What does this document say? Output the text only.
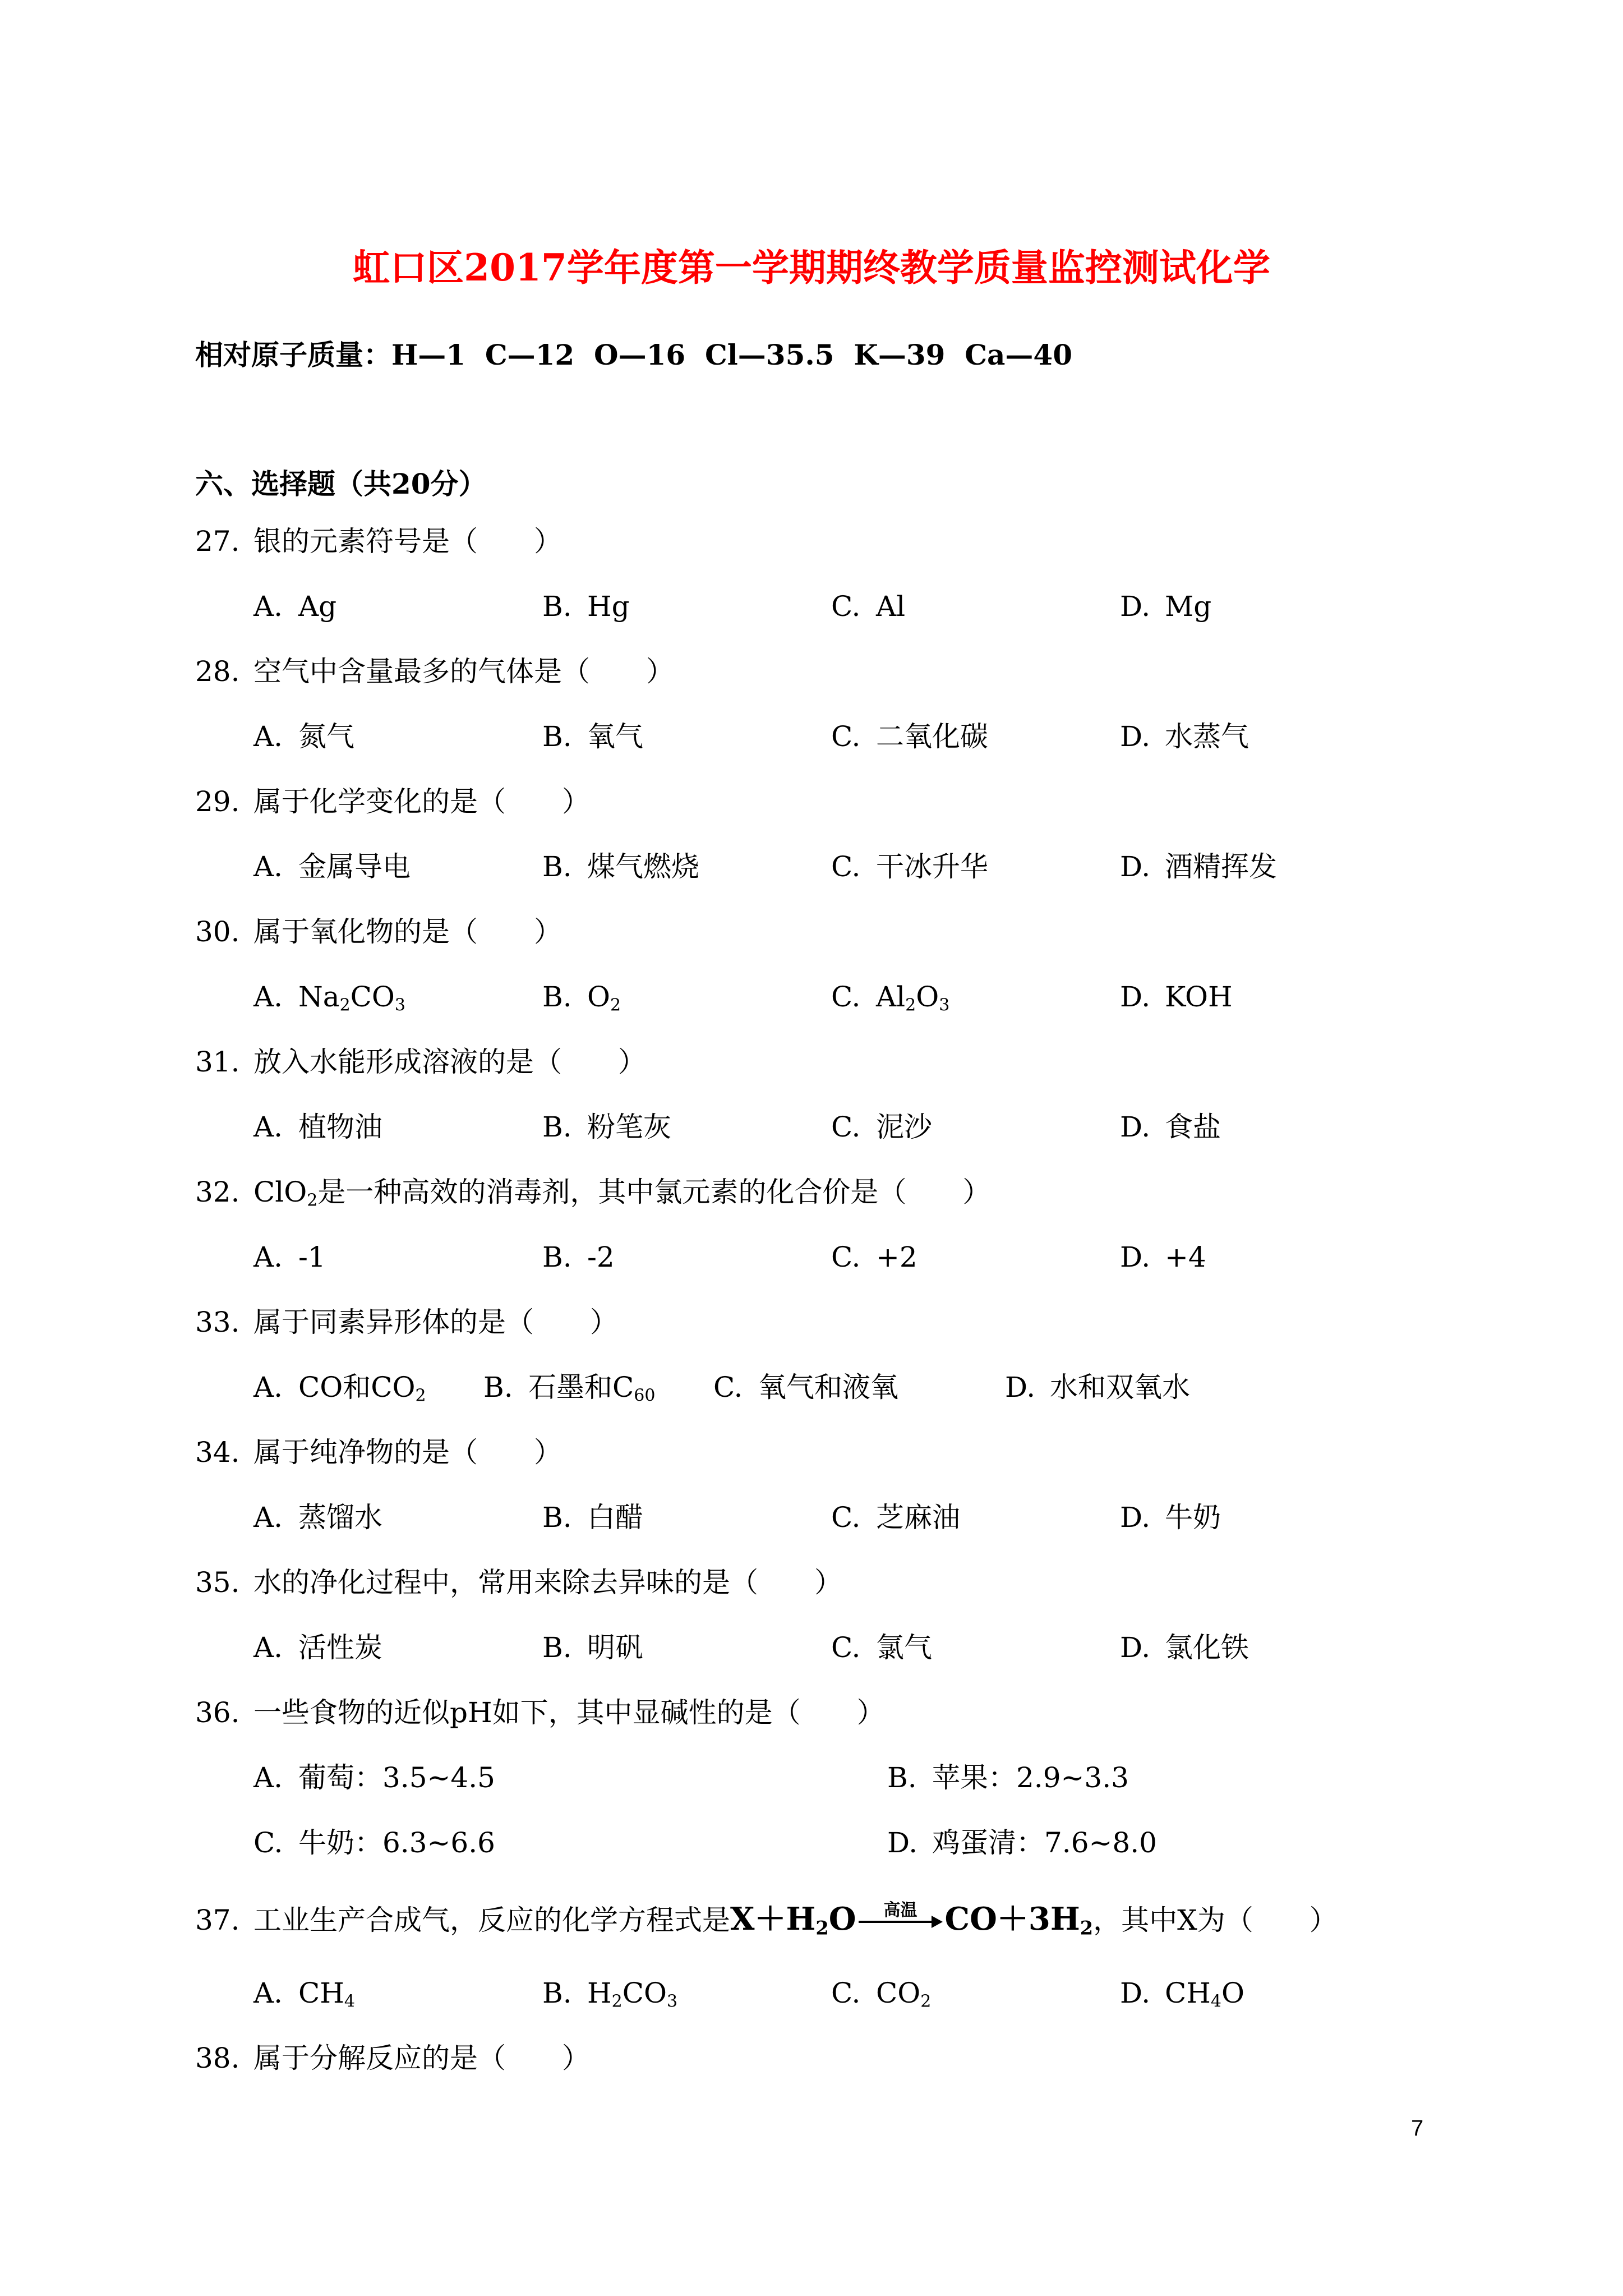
虹口区2017学年度第一学期期终教学质量监控测试化学
相对原子质量：H—1  C—12  O—16  Cl—35.5  K—39  Ca—40
六、选择题（共20分）
27. 银的元素符号是（　　）
A. Ag	B. Hg	C. Al	D. Mg
28. 空气中含量最多的气体是（　　）
A. 氮气	B. 氧气	C. 二氧化碳	D. 水蒸气
29. 属于化学变化的是（　　）
A. 金属导电	B. 煤气燃烧	C. 干冰升华	D. 酒精挥发
30. 属于氧化物的是（　　）
A. $Na_2CO_3$	B. $O_2$	C. $Al_2O_3$	D. KOH
31. 放入水能形成溶液的是（　　）
A. 植物油	B. 粉笔灰	C. 泥沙	D. 食盐
32. ClO$_2$是一种高效的消毒剂，其中氯元素的化合价是（　　）
A. -1	B. -2	C. +2	D. +4
33. 属于同素异形体的是（　　）
A. CO和$CO_2$ B. 石墨和$C_{60}$ C. 氧气和液氧	D. 水和双氧水
34. 属于纯净物的是（　　）
A. 蒸馏水	B. 白醋	C. 芝麻油	D. 牛奶
35. 水的净化过程中，常用来除去异味的是（　　）
A. 活性炭	B. 明矾	C. 氯气	D. 氯化铁
36. 一些食物的近似pH如下，其中显碱性的是（　　）
A. 葡萄：3.5~4.5	B. 苹果：2.9~3.3
C. 牛奶：6.3~6.6	D. 鸡蛋清：7.6~8.0
37. 工业生产合成气，反应的化学方程式是$X+H_2O$	高温 $CO+3H_2$，其中X为（　　）
A. $CH_4$	B. $H_2CO_3$	C. $CO_2$	D. $CH_4O$
38. 属于分解反应的是（　　）
7
